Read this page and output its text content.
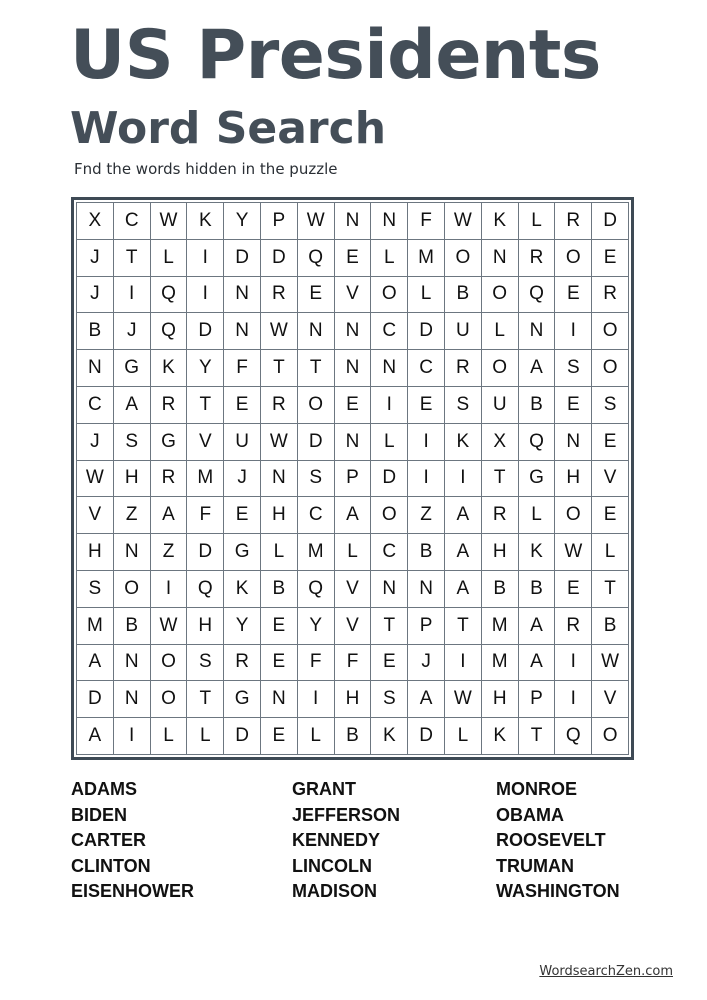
US Presidents
Word Search

Fnd the words hidden in the puzzle

X	C	W	K	Y	P	W	N	N	F	W	K	L	R	D
J	T	L	I	D	D	Q	E	L	M	O	N	R	O	E
J	I	Q	I	N	R	E	V	O	L	B	O	Q	E	R
B	J	Q	D	N	W	N	N	C	D	U	L	N	I	O
N	G	K	Y	F	T	T	N	N	C	R	O	A	S	O
C	A	R	T	E	R	O	E	I	E	S	U	B	E	S
J	S	G	V	U	W	D	N	L	I	K	X	Q	N	E
W	H	R	M	J	N	S	P	D	I	I	T	G	H	V
V	Z	A	F	E	H	C	A	O	Z	A	R	L	O	E
H	N	Z	D	G	L	M	L	C	B	A	H	K	W	L
S	O	I	Q	K	B	Q	V	N	N	A	B	B	E	T
M	B	W	H	Y	E	Y	V	T	P	T	M	A	R	B
A	N	O	S	R	E	F	F	E	J	I	M	A	I	W
D	N	O	T	G	N	I	H	S	A	W	H	P	I	V
A	I	L	L	D	E	L	B	K	D	L	K	T	Q	O
ADAMS
BIDEN
CARTER
CLINTON
EISENHOWER
GRANT
JEFFERSON
KENNEDY
LINCOLN
MADISON
MONROE
OBAMA
ROOSEVELT
TRUMAN
WASHINGTON
WordsearchZen.com
